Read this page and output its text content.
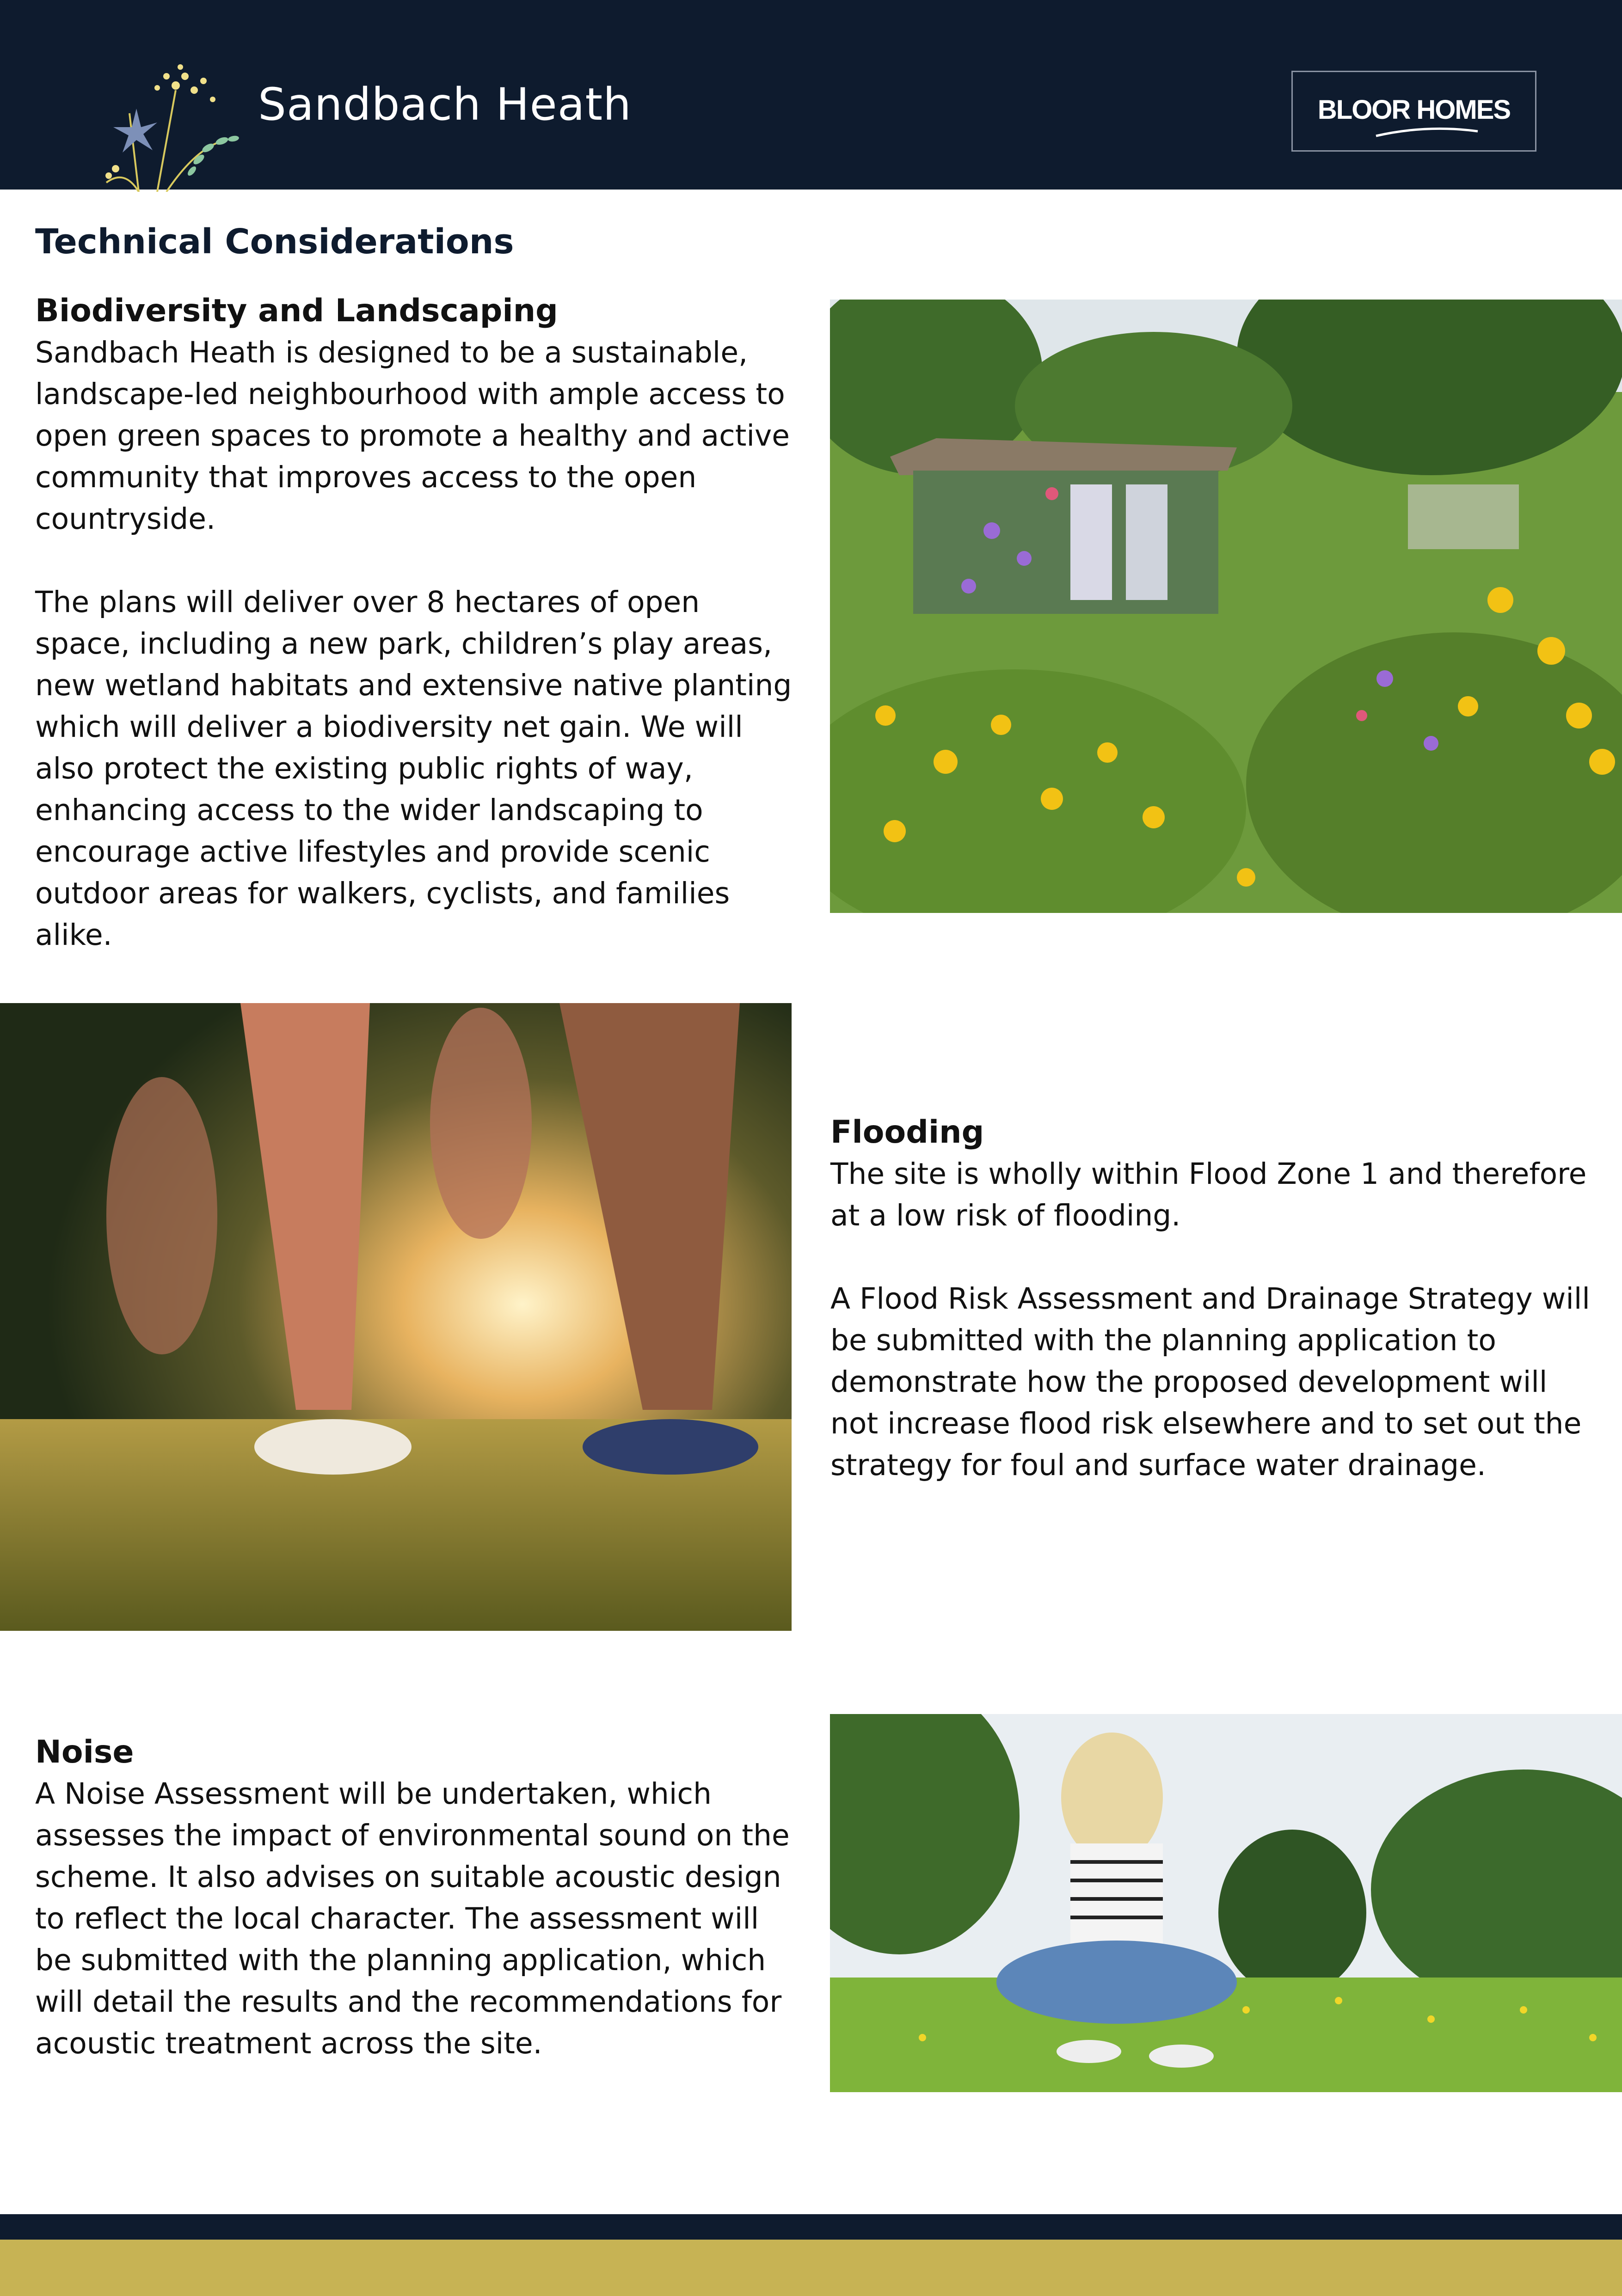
Sandbach Heath	BLOOR HOMES
Technical Considerations
Biodiversity and Landscaping

Sandbach Heath is designed to be a sustainable, landscape-led neighbourhood with ample access to open green spaces to promote a healthy and active community that improves access to the open countryside.

The plans will deliver over 8 hectares of open space, including a new park, children’s play areas, new wetland habitats and extensive native planting which will deliver a biodiversity net gain. We will also protect the existing public rights of way, enhancing access to the wider landscaping to encourage active lifestyles and provide scenic outdoor areas for walkers, cyclists, and families alike.

Flooding

The site is wholly within Flood Zone 1 and therefore at a low risk of flooding.

A Flood Risk Assessment and Drainage Strategy will be submitted with the planning application to demonstrate how the proposed development will not increase flood risk elsewhere and to set out the strategy for foul and surface water drainage.

Noise

A Noise Assessment will be undertaken, which assesses the impact of environmental sound on the scheme. It also advises on suitable acoustic design to reflect the local character. The assessment will be submitted with the planning application, which will detail the results and the recommendations for acoustic treatment across the site.
